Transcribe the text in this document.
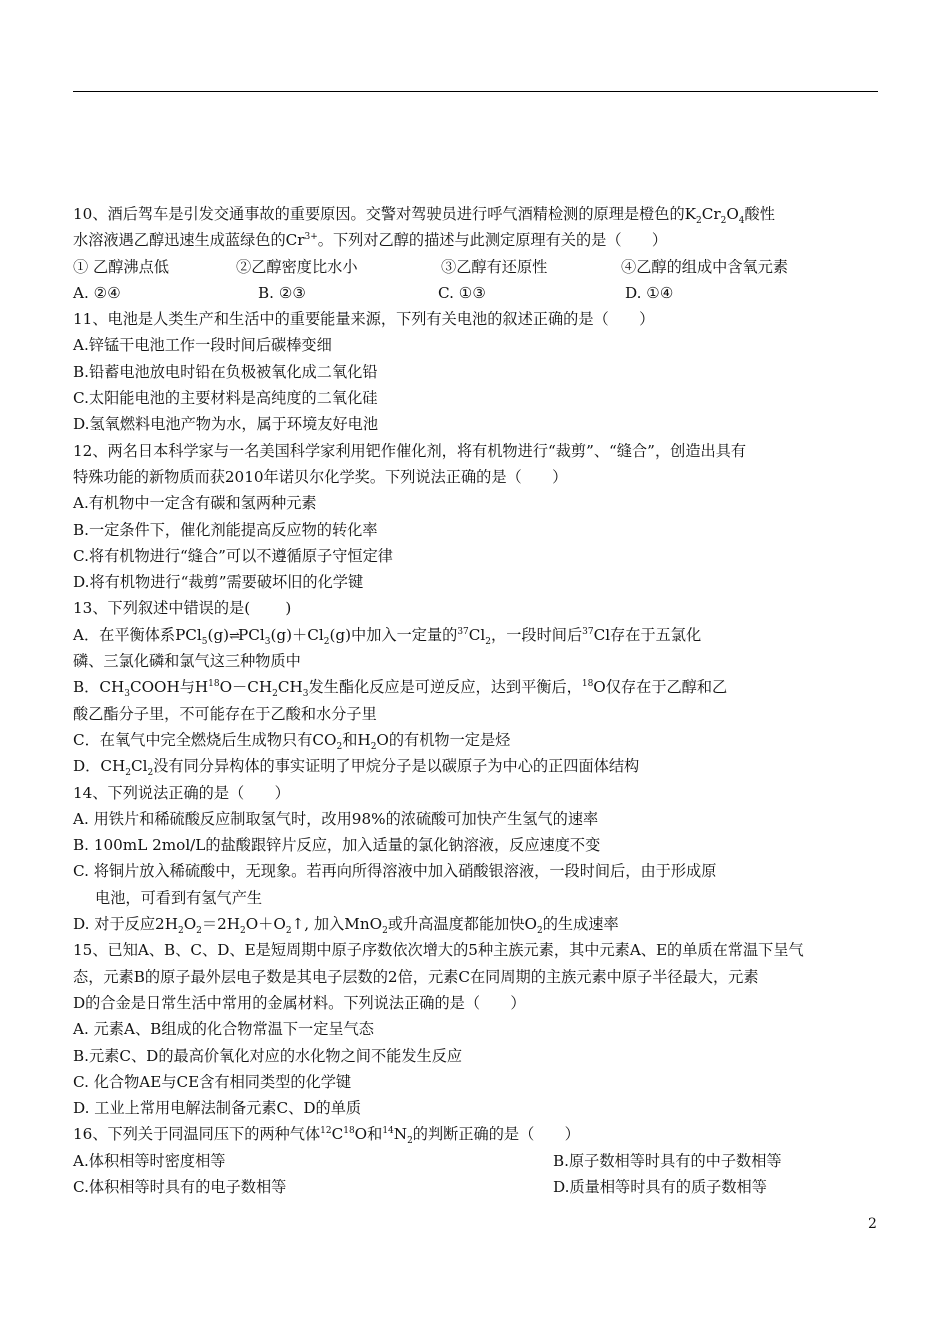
10、酒后驾车是引发交通事故的重要原因。交警对驾驶员进行呼气酒精检测的原理是橙色的$K_2Cr_2O_4$酸性
水溶液遇乙醇迅速生成蓝绿色的$Cr^{3+}$。下列对乙醇的描述与此测定原理有关的是（　　）
① 乙醇沸点低	②乙醇密度比水小	③乙醇有还原性	④乙醇的组成中含氧元素
A. ②④	B. ②③	C. ①③	D. ①④
11、电池是人类生产和生活中的重要能量来源，下列有关电池的叙述正确的是（　　）
A.锌锰干电池工作一段时间后碳棒变细
B.铅蓄电池放电时铅在负极被氧化成二氧化铅
C.太阳能电池的主要材料是高纯度的二氧化硅
D.氢氧燃料电池产物为水，属于环境友好电池
12、两名日本科学家与一名美国科学家利用钯作催化剂，将有机物进行“裁剪”、“缝合”，创造出具有
特殊功能的新物质而获2010年诺贝尔化学奖。下列说法正确的是（　　）
A.有机物中一定含有碳和氢两种元素
B.一定条件下，催化剂能提高反应物的转化率
C.将有机物进行“缝合”可以不遵循原子守恒定律
D.将有机物进行“裁剪”需要破坏旧的化学键
13、下列叙述中错误的是(　　 )
A．在平衡体系$PCl_5(g)\rightleftharpoons PCl_3(g)+Cl_2(g)$中加入一定量的$^{37}Cl_2$，一段时间后$^{37}$Cl存在于五氯化
磷、三氯化磷和氯气这三种物质中
B．$CH_3COOH$与$H^{18}O-CH_2CH_3$发生酯化反应是可逆反应，达到平衡后，$^{18}$O仅存在于乙醇和乙
酸乙酯分子里，不可能存在于乙酸和水分子里
C．在氧气中完全燃烧后生成物只有$CO_2$和$H_2O$的有机物一定是烃
D．$CH_2Cl_2$没有同分异构体的事实证明了甲烷分子是以碳原子为中心的正四面体结构
14、下列说法正确的是（　　）
A. 用铁片和稀硫酸反应制取氢气时，改用98%的浓硫酸可加快产生氢气的速率
B. 100mL 2mol/L的盐酸跟锌片反应，加入适量的氯化钠溶液，反应速度不变
C. 将铜片放入稀硫酸中，无现象。若再向所得溶液中加入硝酸银溶液，一段时间后，由于形成原
电池，可看到有氢气产生
D. 对于反应$2H_2O_2=2H_2O+O_2↑$, 加入MnO$_2$或升高温度都能加快$O_2$的生成速率
15、已知A、B、C、D、E是短周期中原子序数依次增大的5种主族元素，其中元素A、E的单质在常温下呈气
态，元素B的原子最外层电子数是其电子层数的2倍，元素C在同周期的主族元素中原子半径最大，元素
D的合金是日常生活中常用的金属材料。下列说法正确的是（　　）
A. 元素A、B组成的化合物常温下一定呈气态
B.元素C、D的最高价氧化对应的水化物之间不能发生反应
C. 化合物AE与CE含有相同类型的化学键
D. 工业上常用电解法制备元素C、D的单质
16、下列关于同温同压下的两种气体$^{12}C^{18}O$和$^{14}N_2$的判断正确的是（　　）
A.体积相等时密度相等	B.原子数相等时具有的中子数相等
C.体积相等时具有的电子数相等	D.质量相等时具有的质子数相等
2
